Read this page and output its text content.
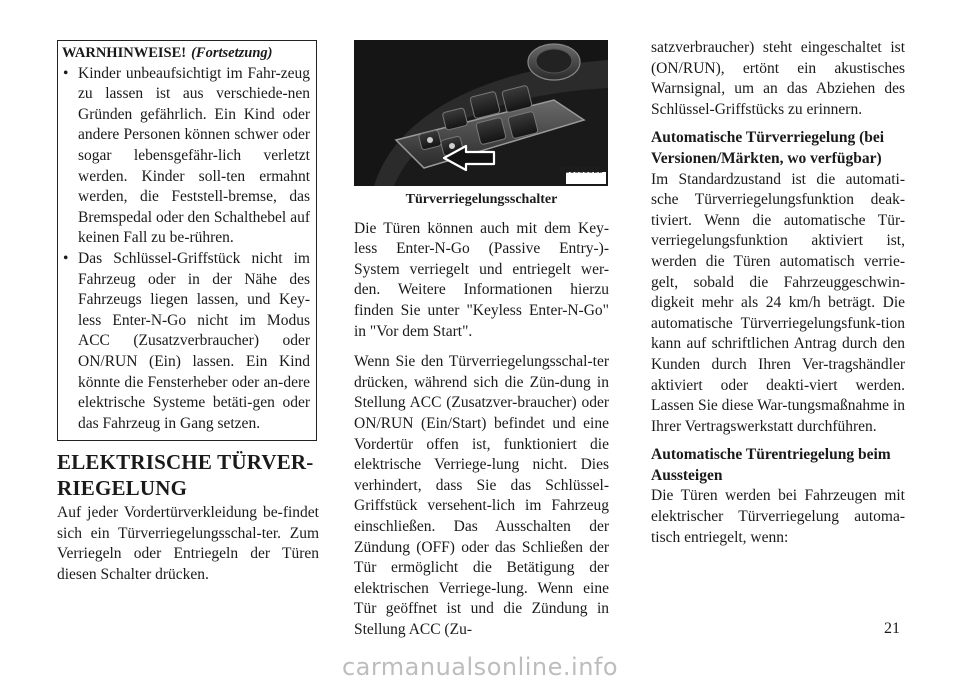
WARNHINWEISE! (Fortsetzung)
• Kinder unbeaufsichtigt im Fahr-zeug zu lassen ist aus verschiede-nen Gründen gefährlich. Ein Kind oder andere Personen können schwer oder sogar lebensgefähr-lich verletzt werden. Kinder soll-ten ermahnt werden, die Feststell-bremse, das Bremspedal oder den Schalthebel auf keinen Fall zu be-rühren.
• Das Schlüssel-Griffstück nicht im Fahrzeug oder in der Nähe des Fahrzeugs liegen lassen, und Key-less Enter-N-Go nicht im Modus ACC (Zusatzverbraucher) oder ON/RUN (Ein) lassen. Ein Kind könnte die Fensterheber oder an-dere elektrische Systeme betäti-gen oder das Fahrzeug in Gang setzen.
ELEKTRISCHE TÜRVER-
RIEGELUNG

Auf jeder Vordertürverkleidung be-findet sich ein Türverriegelungsschal-ter. Zum Verriegeln oder Entriegeln der Türen diesen Schalter drücken.

021835322
Türverriegelungsschalter

Die Türen können auch mit dem Key-less Enter-N-Go (Passive Entry-)-System verriegelt und entriegelt wer-den. Weitere Informationen hierzu finden Sie unter "Keyless Enter-N-Go" in "Vor dem Start".

Wenn Sie den Türverriegelungsschal-ter drücken, während sich die Zün-dung in Stellung ACC (Zusatzver-braucher) oder ON/RUN (Ein/Start) befindet und eine Vordertür offen ist, funktioniert die elektrische Verriege-lung nicht. Dies verhindert, dass Sie das Schlüssel-Griffstück versehent-lich im Fahrzeug einschließen. Das Ausschalten der Zündung (OFF) oder das Schließen der Tür ermöglicht die Betätigung der elektrischen Verriege-lung. Wenn eine Tür geöffnet ist und die Zündung in Stellung ACC (Zu-

satzverbraucher) steht eingeschaltet ist (ON/RUN), ertönt ein akustisches Warnsignal, um an das Abziehen des Schlüssel-Griffstücks zu erinnern.

Automatische Türverriegelung (bei Versionen/Märkten, wo verfügbar)

Im Standardzustand ist die automati-sche Türverriegelungsfunktion deak-tiviert. Wenn die automatische Tür-verriegelungsfunktion aktiviert ist, werden die Türen automatisch verrie-gelt, sobald die Fahrzeuggeschwin-digkeit mehr als 24 km/h beträgt. Die automatische Türverriegelungsfunk-tion kann auf schriftlichen Antrag durch den Kunden durch Ihren Ver-tragshändler aktiviert oder deakti-viert werden. Lassen Sie diese War-tungsmaßnahme in Ihrer Vertragswerkstatt durchführen.

Automatische Türentriegelung beim Aussteigen

Die Türen werden bei Fahrzeugen mit elektrischer Türverriegelung automa-tisch entriegelt, wenn:

21
carmanualsonline.info
